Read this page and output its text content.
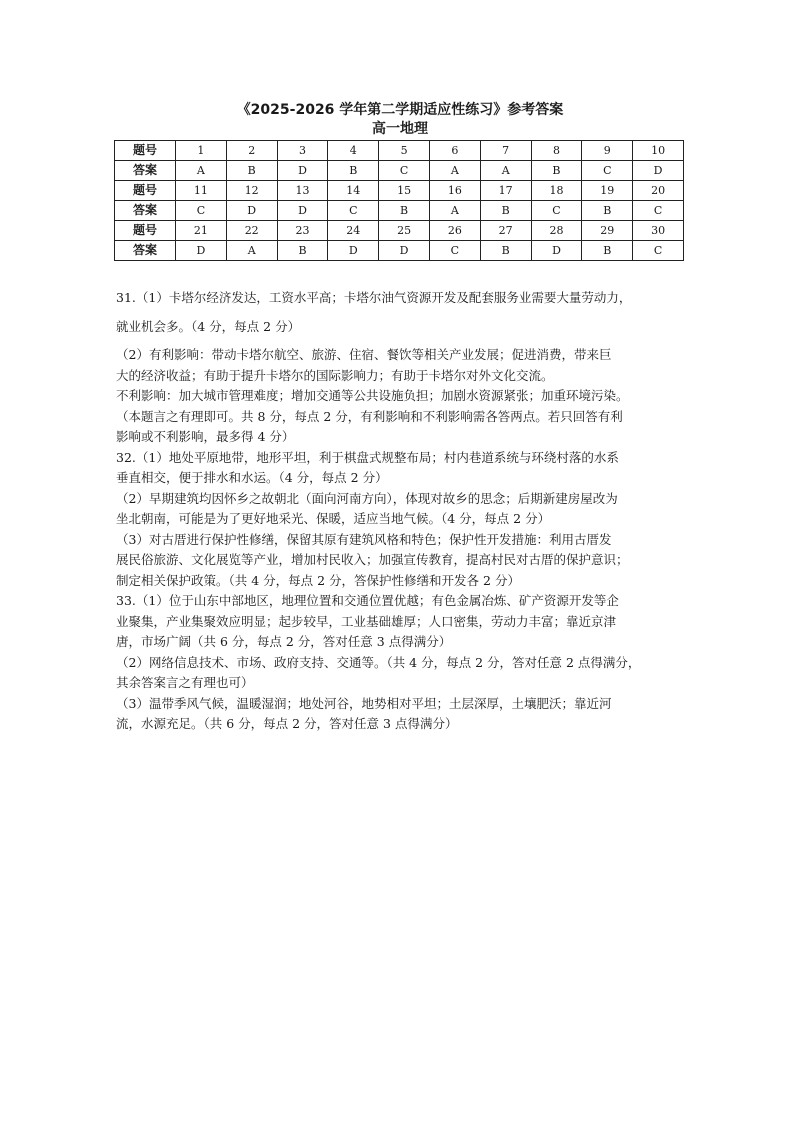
《2025-2026 学年第二学期适应性练习》参考答案
高一地理
题号	1	2	3	4	5	6	7	8	9	10
答案	A	B	D	B	C	A	A	B	C	D
题号	11	12	13	14	15	16	17	18	19	20
答案	C	D	D	C	B	A	B	C	B	C
题号	21	22	23	24	25	26	27	28	29	30
答案	D	A	B	D	D	C	B	D	B	C

31.（1）卡塔尔经济发达，工资水平高；卡塔尔油气资源开发及配套服务业需要大量劳动力，

就业机会多。（4 分，每点 2 分）

（2）有利影响：带动卡塔尔航空、旅游、住宿、餐饮等相关产业发展；促进消费，带来巨

大的经济收益；有助于提升卡塔尔的国际影响力；有助于卡塔尔对外文化交流。

不利影响：加大城市管理难度；增加交通等公共设施负担；加剧水资源紧张；加重环境污染。

（本题言之有理即可。共 8 分，每点 2 分，有利影响和不利影响需各答两点。若只回答有利

影响或不利影响，最多得 4 分）

32.（1）地处平原地带，地形平坦，利于棋盘式规整布局；村内巷道系统与环绕村落的水系

垂直相交，便于排水和水运。（4 分，每点 2 分）

（2）早期建筑均因怀乡之故朝北（面向河南方向），体现对故乡的思念；后期新建房屋改为

坐北朝南，可能是为了更好地采光、保暖，适应当地气候。（4 分，每点 2 分）

（3）对古厝进行保护性修缮，保留其原有建筑风格和特色；保护性开发措施：利用古厝发

展民俗旅游、文化展览等产业，增加村民收入；加强宣传教育，提高村民对古厝的保护意识；

制定相关保护政策。（共 4 分，每点 2 分，答保护性修缮和开发各 2 分）

33.（1）位于山东中部地区，地理位置和交通位置优越；有色金属冶炼、矿产资源开发等企

业聚集，产业集聚效应明显；起步较早，工业基础雄厚；人口密集，劳动力丰富；靠近京津

唐，市场广阔（共 6 分，每点 2 分，答对任意 3 点得满分）

（2）网络信息技术、市场、政府支持、交通等。（共 4 分，每点 2 分，答对任意 2 点得满分，

其余答案言之有理也可）

（3）温带季风气候，温暖湿润；地处河谷，地势相对平坦；土层深厚，土壤肥沃；靠近河

流，水源充足。（共 6 分，每点 2 分，答对任意 3 点得满分）
